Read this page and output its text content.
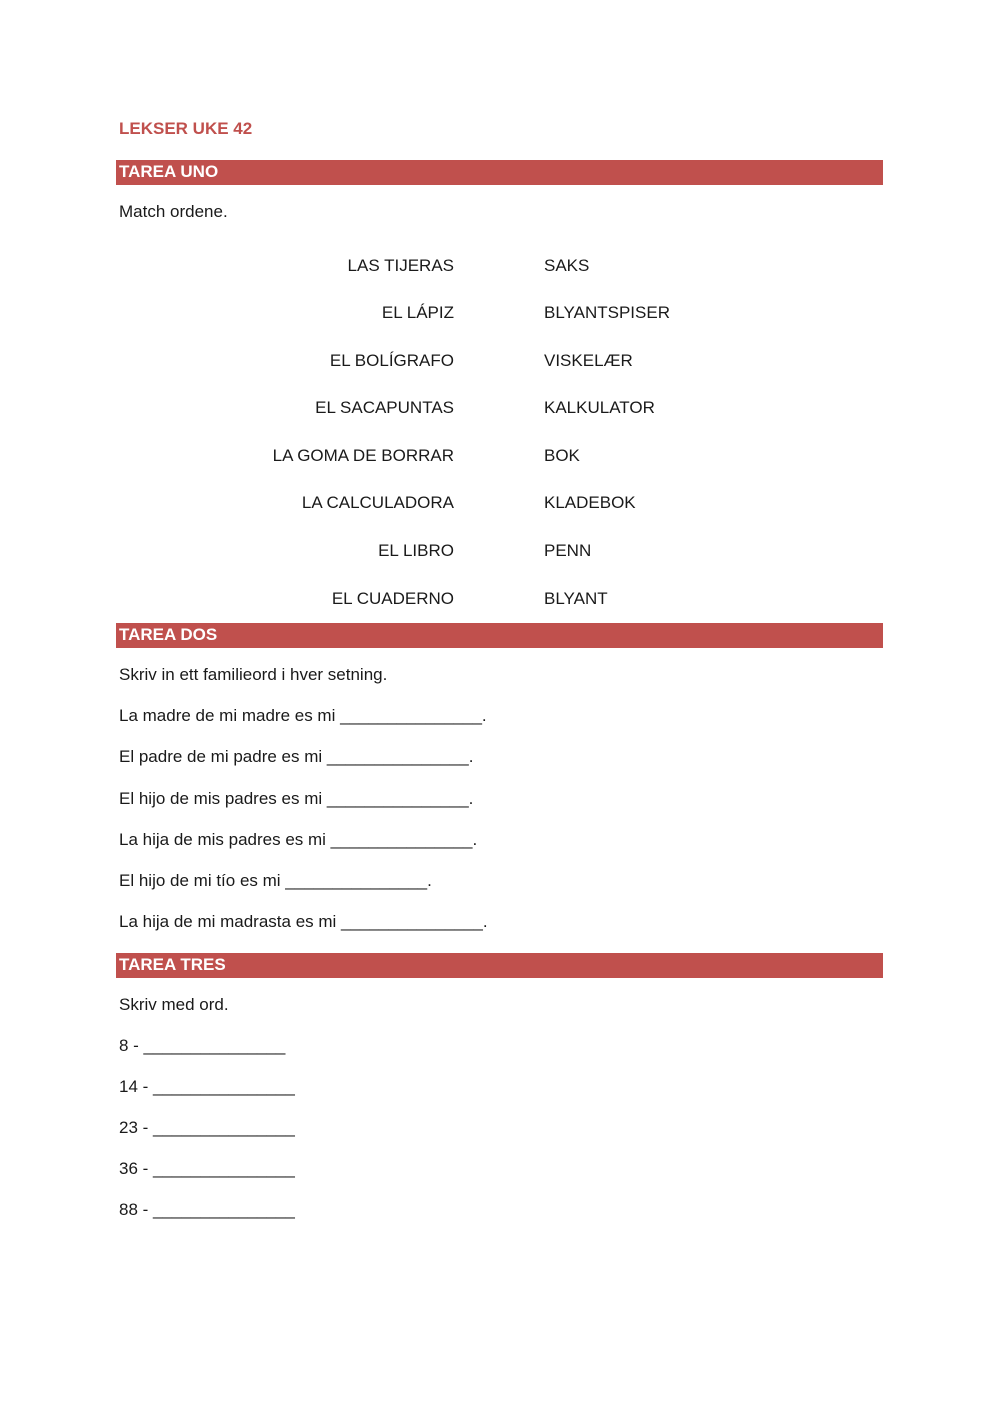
LEKSER UKE 42
TAREA UNO
Match ordene.
LAS TIJERAS
EL LÁPIZ
EL BOLÍGRAFO
EL SACAPUNTAS
LA GOMA DE BORRAR
LA CALCULADORA
EL LIBRO
EL CUADERNO
SAKS
BLYANTSPISER
VISKELÆR
KALKULATOR
BOK
KLADEBOK
PENN
BLYANT
TAREA DOS
Skriv in ett familieord i hver setning.
La madre de mi madre es mi _______________.
El padre de mi padre es mi _______________.
El hijo de mis padres es mi _______________.
La hija de mis padres es mi _______________.
El hijo de mi tío es mi _______________.
La hija de mi madrasta es mi _______________.
TAREA TRES
Skriv med ord.
8 - _______________
14 - _______________
23 - _______________
36 - _______________
88 - _______________
